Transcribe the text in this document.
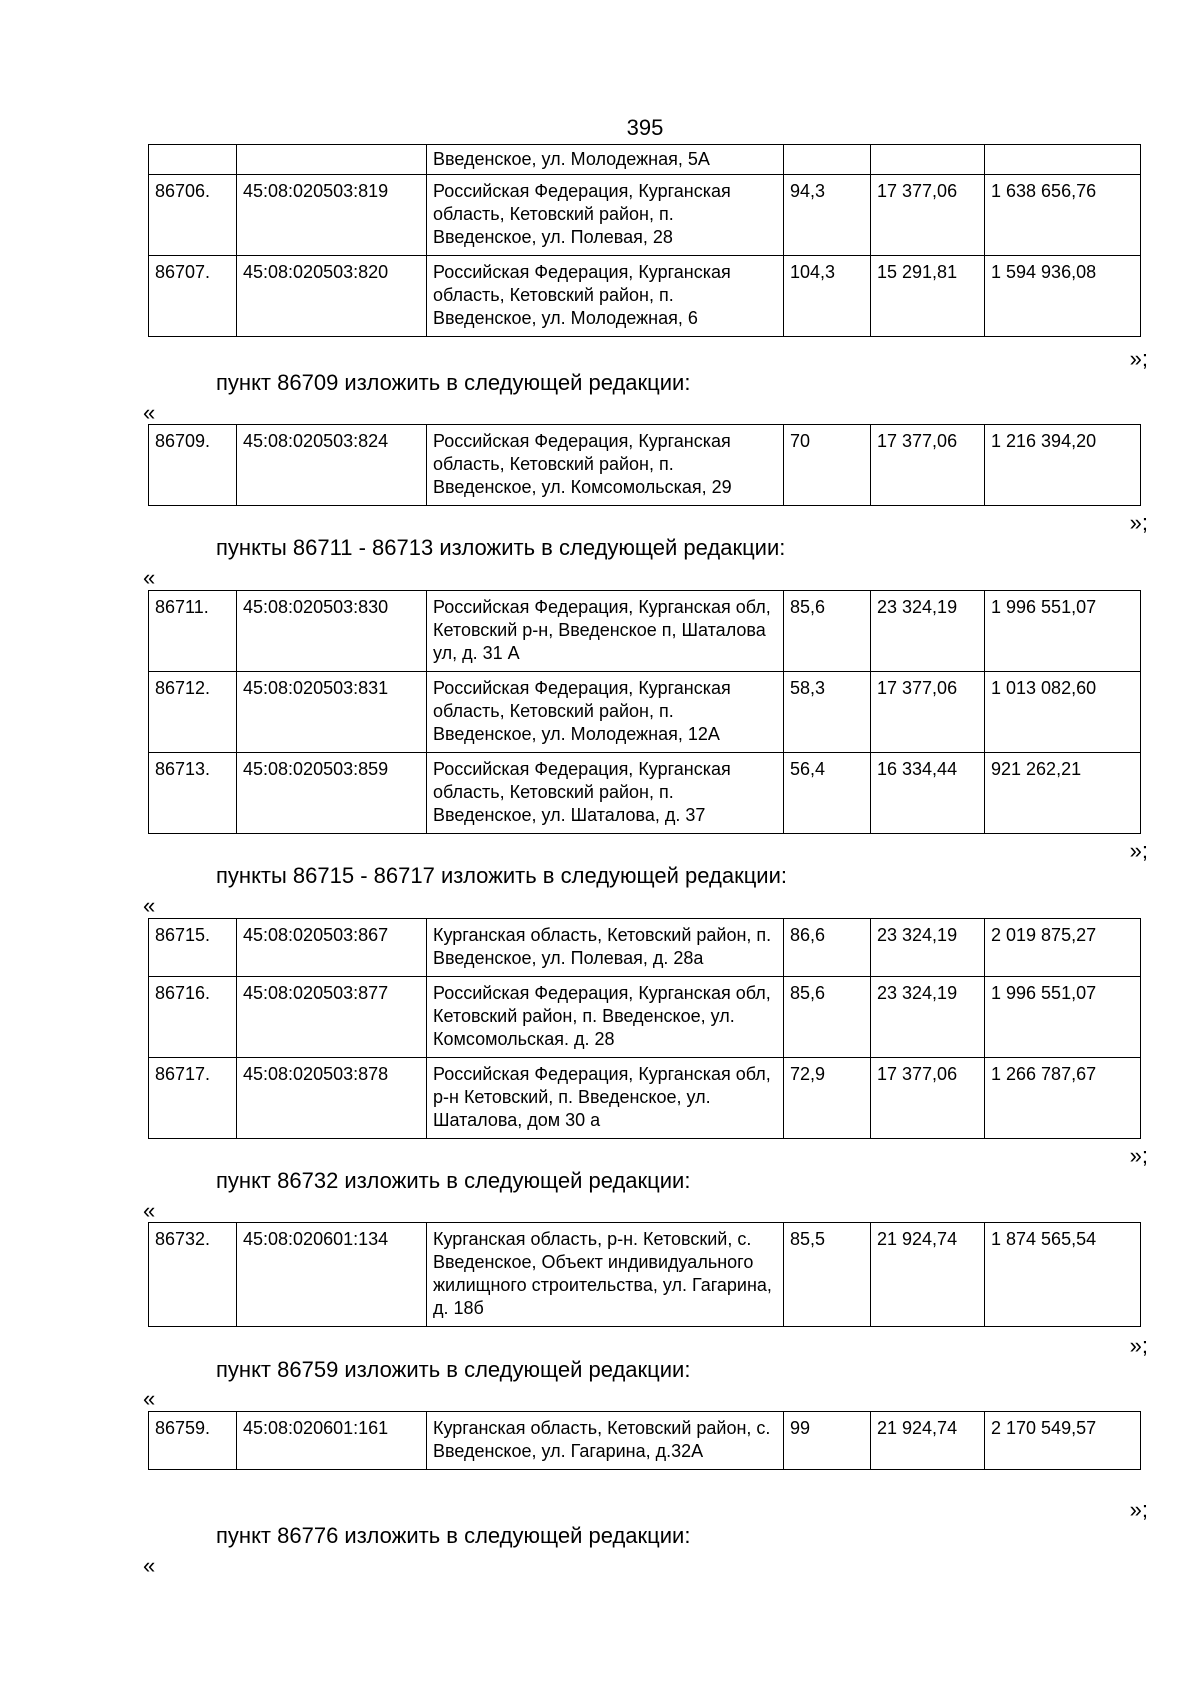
395
		Введенское, ул. Молодежная, 5А			
86706.	45:08:020503:819	Российская Федерация, Курганская область, Кетовский район, п. Введенское, ул. Полевая, 28	94,3	17 377,06	1 638 656,76
86707.	45:08:020503:820	Российская Федерация, Курганская область, Кетовский район, п. Введенское, ул. Молодежная, 6	104,3	15 291,81	1 594 936,08
»;
пункт 86709 изложить в следующей редакции:
«
86709.	45:08:020503:824	Российская Федерация, Курганская область, Кетовский район, п. Введенское, ул. Комсомольская, 29	70	17 377,06	1 216 394,20
»;
пункты 86711 - 86713 изложить в следующей редакции:
«
86711.	45:08:020503:830	Российская Федерация, Курганская обл, Кетовский р-н, Введенское п, Шаталова ул, д. 31 А	85,6	23 324,19	1 996 551,07
86712.	45:08:020503:831	Российская Федерация, Курганская область, Кетовский район, п. Введенское, ул. Молодежная, 12А	58,3	17 377,06	1 013 082,60
86713.	45:08:020503:859	Российская Федерация, Курганская область, Кетовский район, п. Введенское, ул. Шаталова, д. 37	56,4	16 334,44	921 262,21
»;
пункты 86715 - 86717 изложить в следующей редакции:
«
86715.	45:08:020503:867	Курганская область, Кетовский район, п. Введенское, ул. Полевая, д. 28а	86,6	23 324,19	2 019 875,27
86716.	45:08:020503:877	Российская Федерация, Курганская обл, Кетовский район, п. Введенское, ул. Комсомольская. д. 28	85,6	23 324,19	1 996 551,07
86717.	45:08:020503:878	Российская Федерация, Курганская обл, р-н Кетовский, п. Введенское, ул. Шаталова, дом 30 а	72,9	17 377,06	1 266 787,67
»;
пункт 86732 изложить в следующей редакции:
«
86732.	45:08:020601:134	Курганская область, р-н. Кетовский, с. Введенское, Объект индивидуального жилищного строительства, ул. Гагарина, д. 18б	85,5	21 924,74	1 874 565,54
»;
пункт 86759 изложить в следующей редакции:
«
86759.	45:08:020601:161	Курганская область, Кетовский район, с. Введенское, ул. Гагарина, д.32А	99	21 924,74	2 170 549,57
»;
пункт 86776 изложить в следующей редакции:
«
